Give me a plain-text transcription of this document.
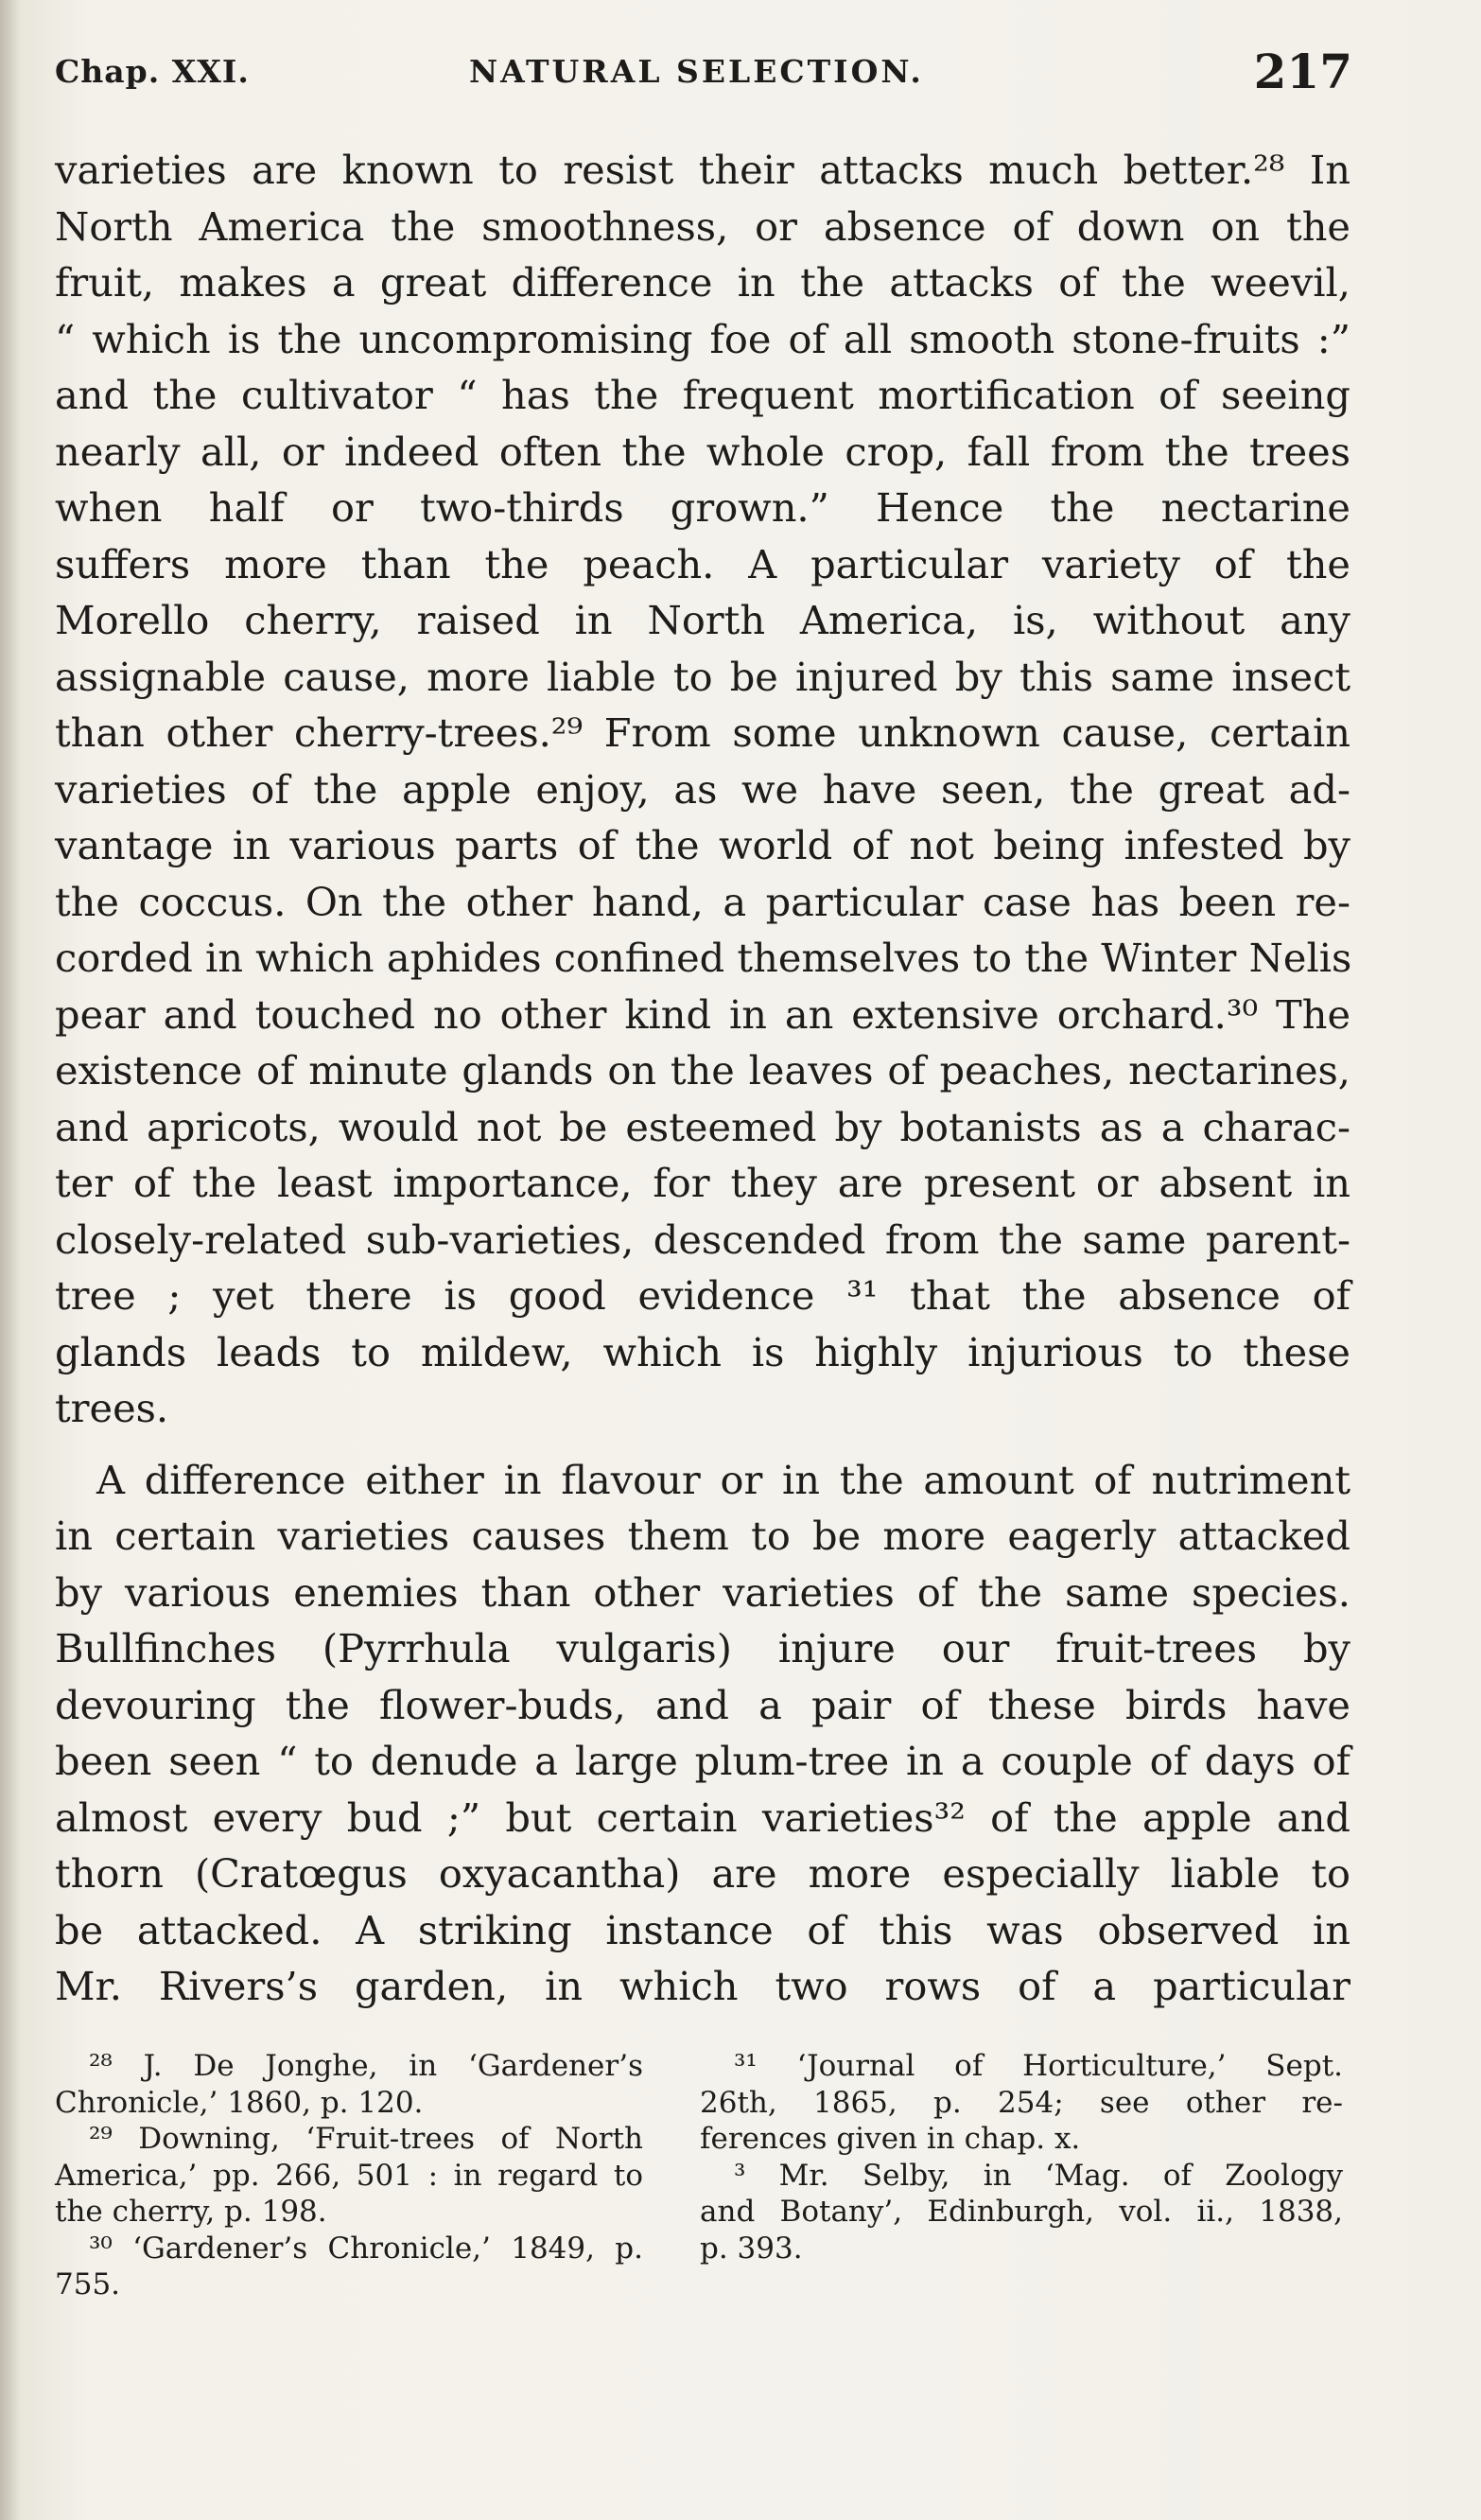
Chap. XXI.	NATURAL SELECTION.	217
varieties are known to resist their attacks much better.²⁸ In
North America the smoothness, or absence of down on the
fruit, makes a great difference in the attacks of the weevil,
“ which is the uncompromising foe of all smooth stone-fruits :”
and the cultivator “ has the frequent mortification of seeing
nearly all, or indeed often the whole crop, fall from the trees
when half or two-thirds grown.” Hence the nectarine
suffers more than the peach. A particular variety of the
Morello cherry, raised in North America, is, without any
assignable cause, more liable to be injured by this same insect
than other cherry-trees.²⁹ From some unknown cause, certain
varieties of the apple enjoy, as we have seen, the great ad-
vantage in various parts of the world of not being infested by
the coccus. On the other hand, a particular case has been re-
corded in which aphides confined themselves to the Winter Nelis
pear and touched no other kind in an extensive orchard.³⁰ The
existence of minute glands on the leaves of peaches, nectarines,
and apricots, would not be esteemed by botanists as a charac-
ter of the least importance, for they are present or absent in
closely-related sub-varieties, descended from the same parent-
tree ; yet there is good evidence ³¹ that the absence of
glands leads to mildew, which is highly injurious to these
trees.
A difference either in flavour or in the amount of nutriment
in certain varieties causes them to be more eagerly attacked
by various enemies than other varieties of the same species.
Bullfinches (Pyrrhula vulgaris) injure our fruit-trees by
devouring the flower-buds, and a pair of these birds have
been seen “ to denude a large plum-tree in a couple of days of
almost every bud ;” but certain varieties³² of the apple and
thorn (Cratœgus oxyacantha) are more especially liable to
be attacked. A striking instance of this was observed in
Mr. Rivers’s garden, in which two rows of a particular
²⁸ J. De Jonghe, in ‘Gardener’s
Chronicle,’ 1860, p. 120.
²⁹ Downing, ‘Fruit-trees of North
America,’ pp. 266, 501 : in regard to
the cherry, p. 198.
³⁰ ‘Gardener’s Chronicle,’ 1849, p.
755.
³¹ ‘Journal of Horticulture,’ Sept.
26th, 1865, p. 254; see other re-
ferences given in chap. x.
³ Mr. Selby, in ‘Mag. of Zoology
and Botany’, Edinburgh, vol. ii., 1838,
p. 393.
